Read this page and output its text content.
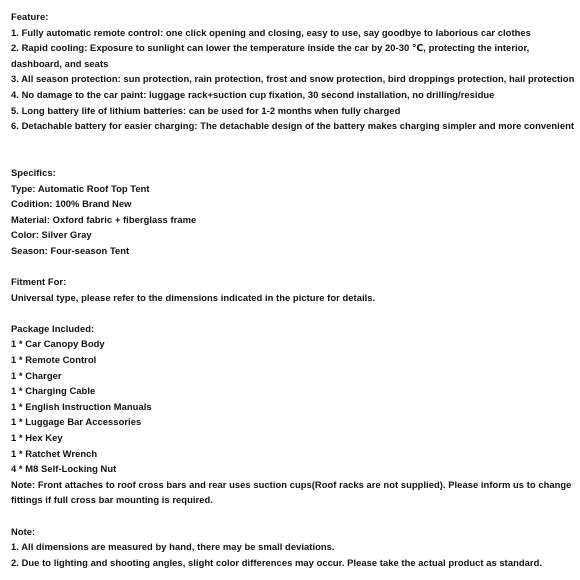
Feature:
1. Fully automatic remote control: one click opening and closing, easy to use, say goodbye to laborious car clothes
2. Rapid cooling: Exposure to sunlight can lower the temperature inside the car by 20-30 ℃, protecting the interior, dashboard, and seats
3. All season protection: sun protection, rain protection, frost and snow protection, bird droppings protection, hail protection
4. No damage to the car paint: luggage rack+suction cup fixation, 30 second installation, no drilling/residue
5. Long battery life of lithium batteries: can be used for 1-2 months when fully charged
6. Detachable battery for easier charging: The detachable design of the battery makes charging simpler and more convenient
Specifics:
Type: Automatic Roof Top Tent
Codition: 100% Brand New
Material: Oxford fabric + fiberglass frame
Color: Silver Gray
Season: Four-season Tent
Fitment For:
Universal type, please refer to the dimensions indicated in the picture for details.
Package Included:
1 * Car Canopy Body
1 * Remote Control
1 * Charger
1 * Charging Cable
1 * English Instruction Manuals
1 * Luggage Bar Accessories
1 * Hex Key
1 * Ratchet Wrench
4 * M8 Self-Locking Nut
Note: Front attaches to roof cross bars and rear uses suction cups(Roof racks are not supplied). Please inform us to change fittings if full cross bar mounting is required.
Note:
1. All dimensions are measured by hand, there may be small deviations.
2. Due to lighting and shooting angles, slight color differences may occur. Please take the actual product as standard.
